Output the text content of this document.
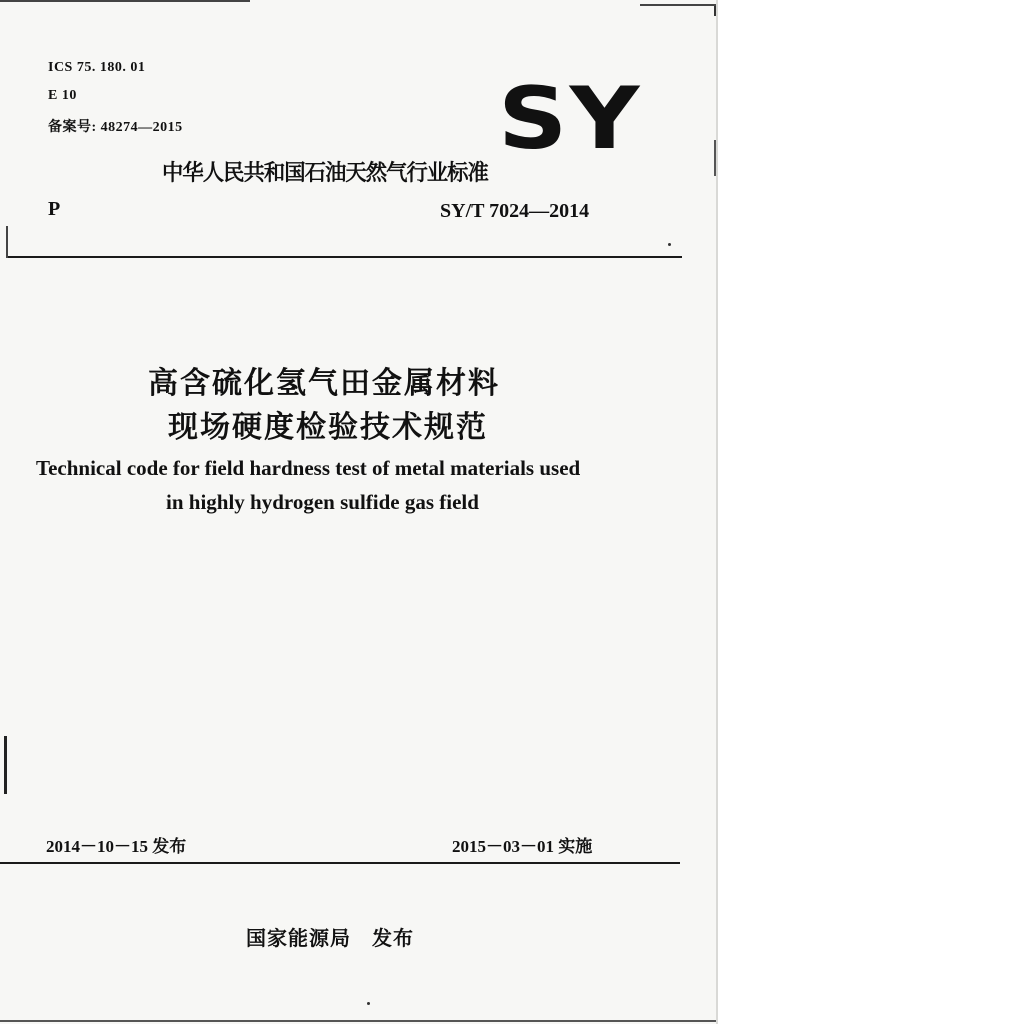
ICS 75. 180. 01
E 10
备案号: 48274—2015	SY
中华人民共和国石油天然气行业标准
P	SY/T 7024—2014
高含硫化氢气田金属材料
现场硬度检验技术规范
Technical code for field hardness test of metal materials used
in highly hydrogen sulfide gas field
2014－10－15 发布	2015－03－01 实施
国家能源局　发布
